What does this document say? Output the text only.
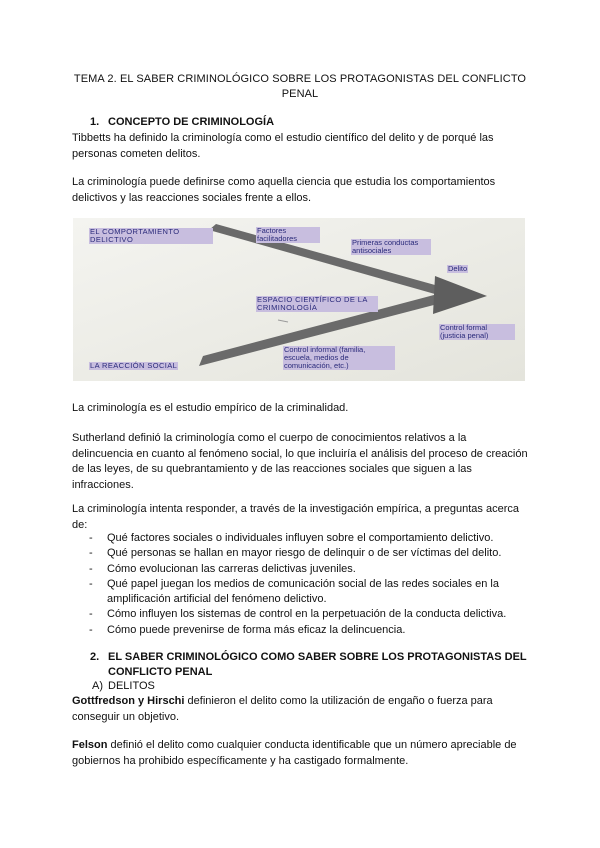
TEMA 2. EL SABER CRIMINOLÓGICO SOBRE LOS PROTAGONISTAS DEL CONFLICTO PENAL
1. CONCEPTO DE CRIMINOLOGÍA
Tibbetts ha definido la criminología como el estudio científico del delito y de porqué las personas cometen delitos.
La criminología puede definirse como aquella ciencia que estudia los comportamientos delictivos y las reacciones sociales frente a ellos.
EL COMPORTAMIENTO DELICTIVO
Factores facilitadores	Primeras conductas antisociales
Delito
ESPACIO CIENTÍFICO DE LA CRIMINOLOGÍA
Control formal (justicia penal)
Control informal (familia, escuela, medios de comunicación, etc.)
LA REACCIÓN SOCIAL
La criminología es el estudio empírico de la criminalidad.
Sutherland definió la criminología como el cuerpo de conocimientos relativos a la delincuencia en cuanto al fenómeno social, lo que incluiría el análisis del proceso de creación de las leyes, de su quebrantamiento y de las reacciones sociales que siguen a las infracciones.
La criminología intenta responder, a través de la investigación empírica, a preguntas acerca de:
- Qué factores sociales o individuales influyen sobre el comportamiento delictivo.
- Qué personas se hallan en mayor riesgo de delinquir o de ser víctimas del delito.
- Cómo evolucionan las carreras delictivas juveniles.
- Qué papel juegan los medios de comunicación social de las redes sociales en la amplificación artificial del fenómeno delictivo.
- Cómo influyen los sistemas de control en la perpetuación de la conducta delictiva.
- Cómo puede prevenirse de forma más eficaz la delincuencia.
2. EL SABER CRIMINOLÓGICO COMO SABER SOBRE LOS PROTAGONISTAS DEL CONFLICTO PENAL
A) DELITOS
Gottfredson y Hirschi definieron el delito como la utilización de engaño o fuerza para conseguir un objetivo.
Felson definió el delito como cualquier conducta identificable que un número apreciable de gobiernos ha prohibido específicamente y ha castigado formalmente.
